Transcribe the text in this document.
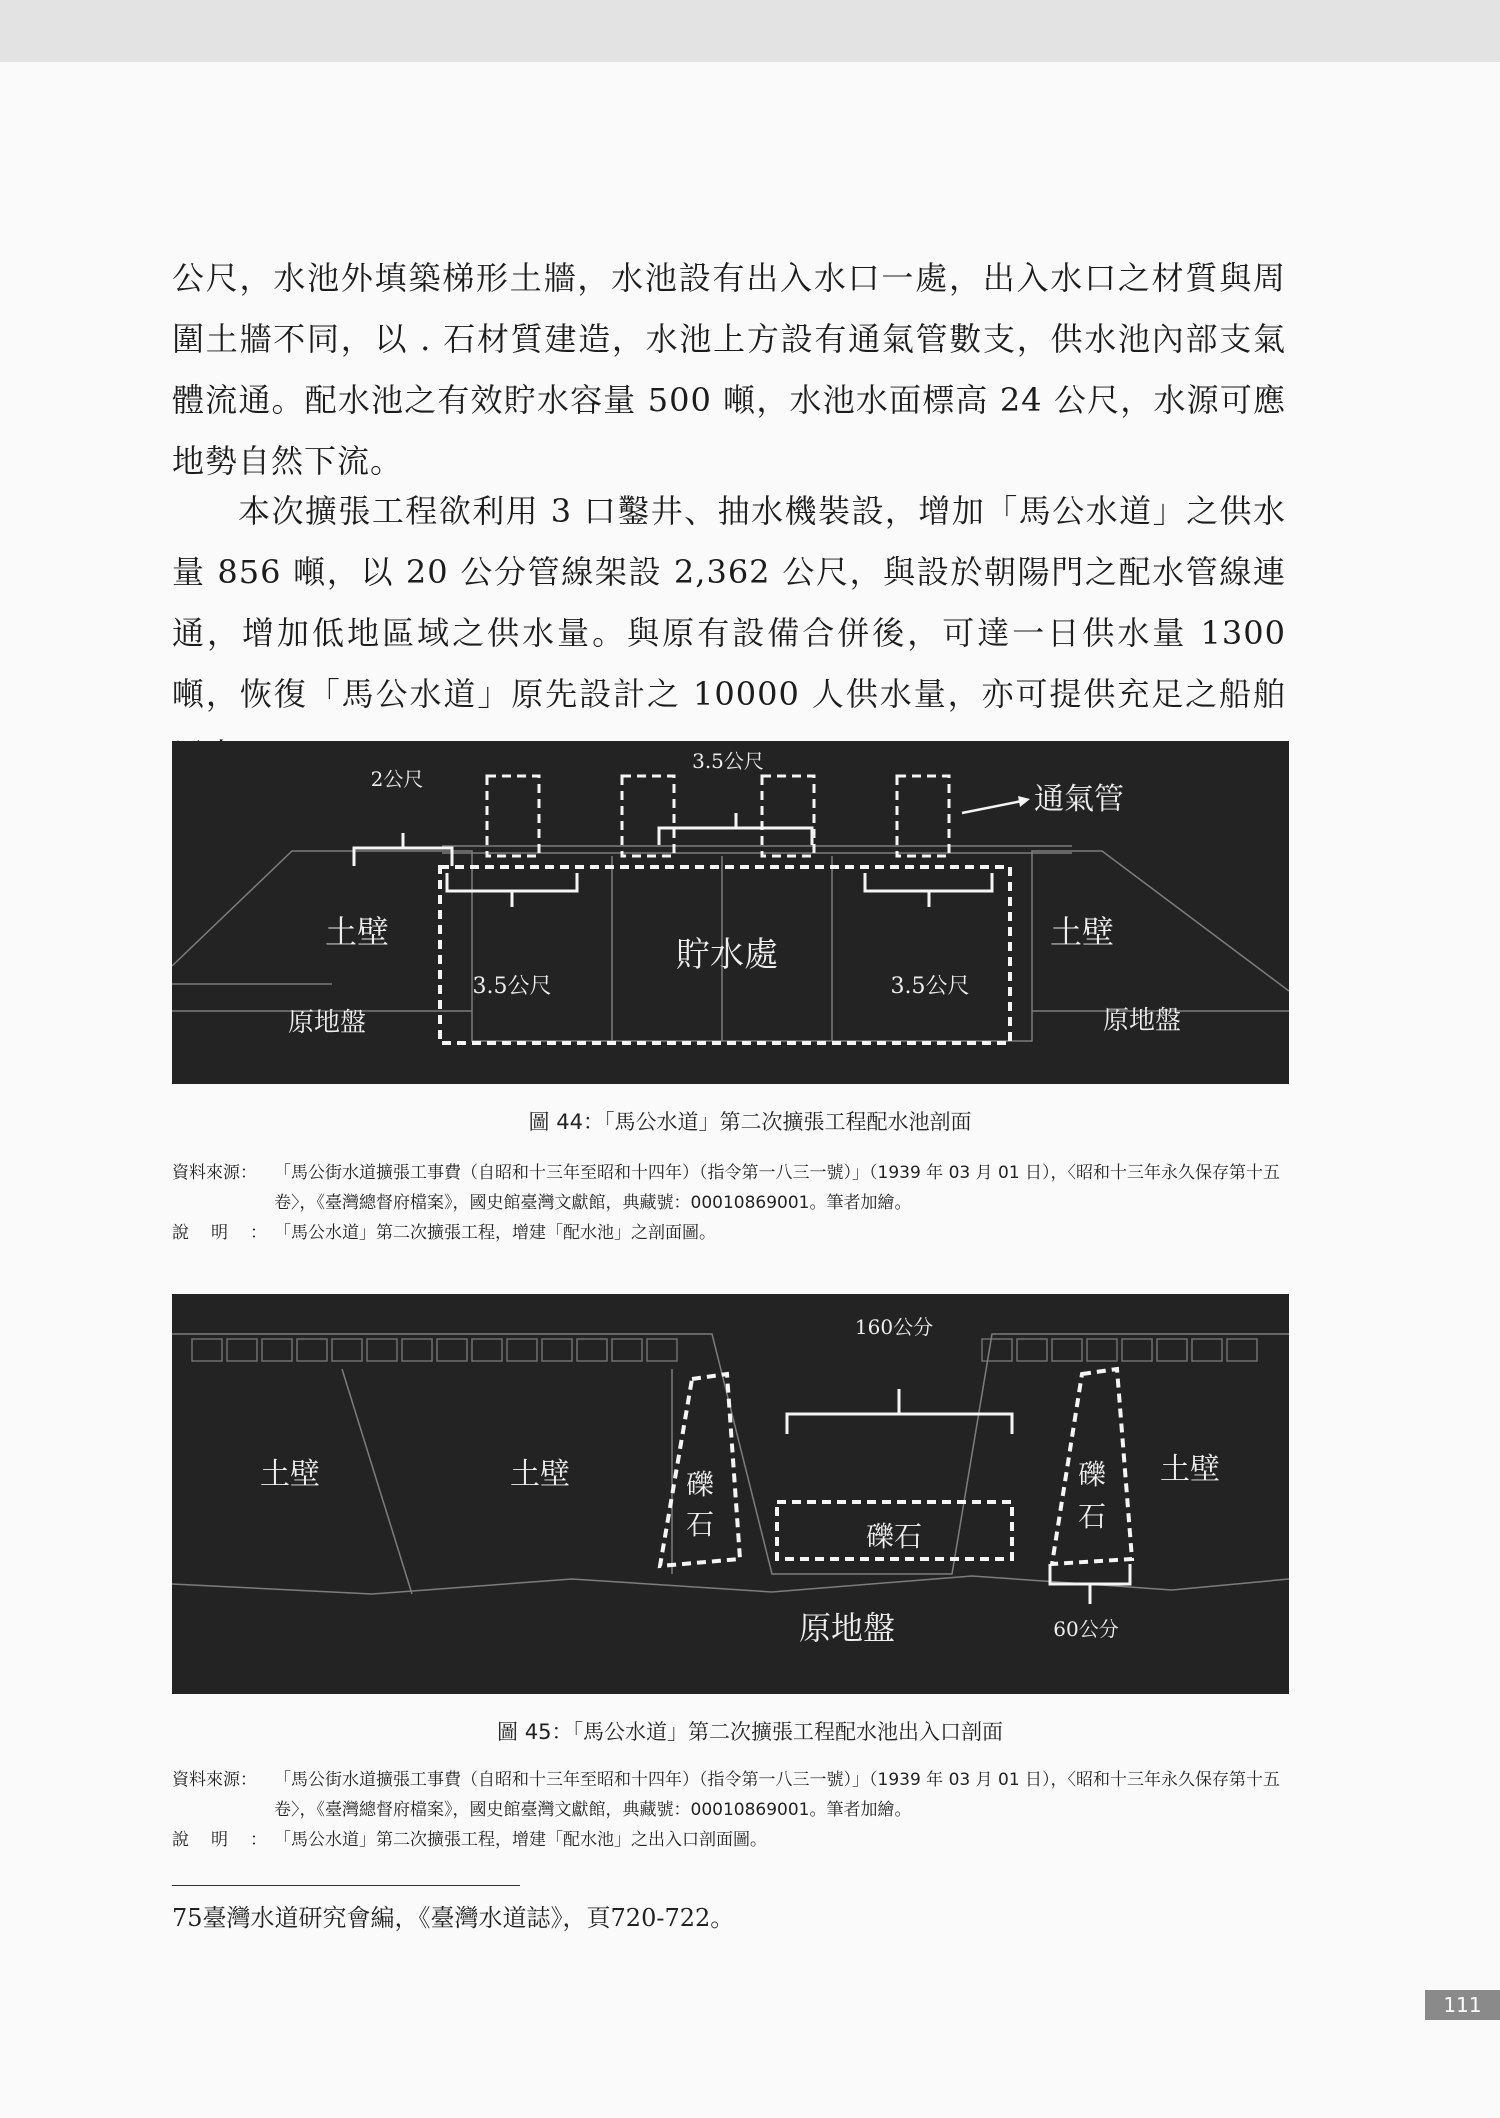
公尺，水池外填築梯形土牆，水池設有出入水口一處，出入水口之材質與周圍土牆不同，以 . 石材質建造，水池上方設有通氣管數支，供水池內部支氣體流通。配水池之有效貯水容量 500 噸，水池水面標高 24 公尺，水源可應地勢自然下流。

本次擴張工程欲利用 3 口鑿井、抽水機裝設，增加「馬公水道」之供水量 856 噸，以 20 公分管線架設 2,362 公尺，與設於朝陽門之配水管線連通，增加低地區域之供水量。與原有設備合併後，可達一日供水量 1300 噸，恢復「馬公水道」原先設計之 10000 人供水量，亦可提供充足之船舶

2公尺
3.5公尺
通氣管
土壁	土壁
貯水處
3.5公尺	3.5公尺
原地盤	原地盤
圖 44：「馬公水道」第二次擴張工程配水池剖面
資料來源：	「馬公街水道擴張工事費（自昭和十三年至昭和十四年）（指令第一八三一號）」（1939 年 03 月 01 日），〈昭和十三年永久保存第十五卷〉，《臺灣總督府檔案》，國史館臺灣文獻館，典藏號：00010869001。筆者加繪。
說明：
「馬公水道」第二次擴張工程，增建「配水池」之剖面圖。
160公分
土壁	土壁	土壁
礫石
礫石
礫石
原地盤	60公分
圖 45：「馬公水道」第二次擴張工程配水池出入口剖面
資料來源：	「馬公街水道擴張工事費（自昭和十三年至昭和十四年）（指令第一八三一號）」（1939 年 03 月 01 日），〈昭和十三年永久保存第十五卷〉，《臺灣總督府檔案》，國史館臺灣文獻館，典藏號：00010869001。筆者加繪。
說明：
「馬公水道」第二次擴張工程，增建「配水池」之出入口剖面圖。
75臺灣水道研究會編，《臺灣水道誌》，頁720-722。
111
